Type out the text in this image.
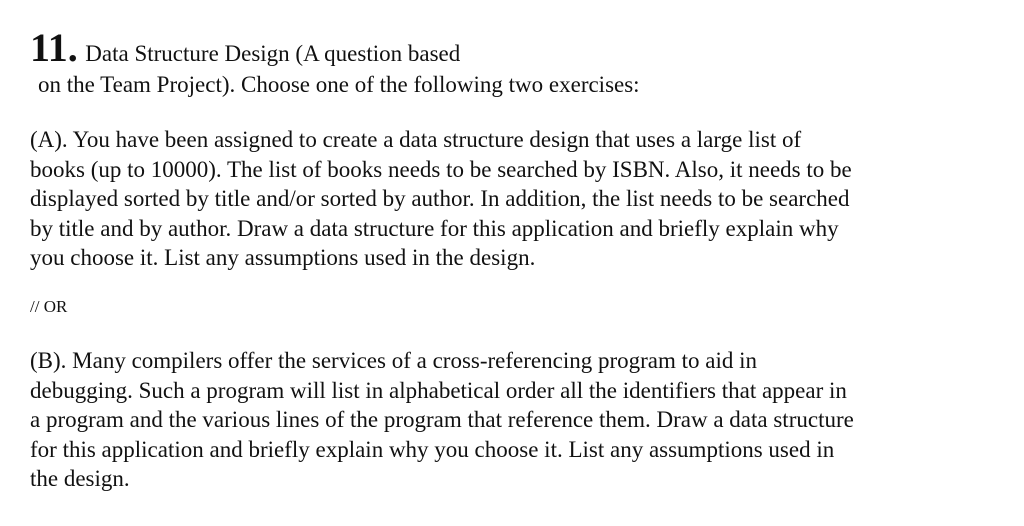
11. Data Structure Design (A question based
on the Team Project). Choose one of the following two exercises:
(A). You have been assigned to create a data structure design that uses a large list of
books (up to 10000). The list of books needs to be searched by ISBN. Also, it needs to be
displayed sorted by title and/or sorted by author. In addition, the list needs to be searched
by title and by author. Draw a data structure for this application and briefly explain why
you choose it. List any assumptions used in the design.
// OR
(B). Many compilers offer the services of a cross-referencing program to aid in
debugging. Such a program will list in alphabetical order all the identifiers that appear in
a program and the various lines of the program that reference them. Draw a data structure
for this application and briefly explain why you choose it. List any assumptions used in
the design.
